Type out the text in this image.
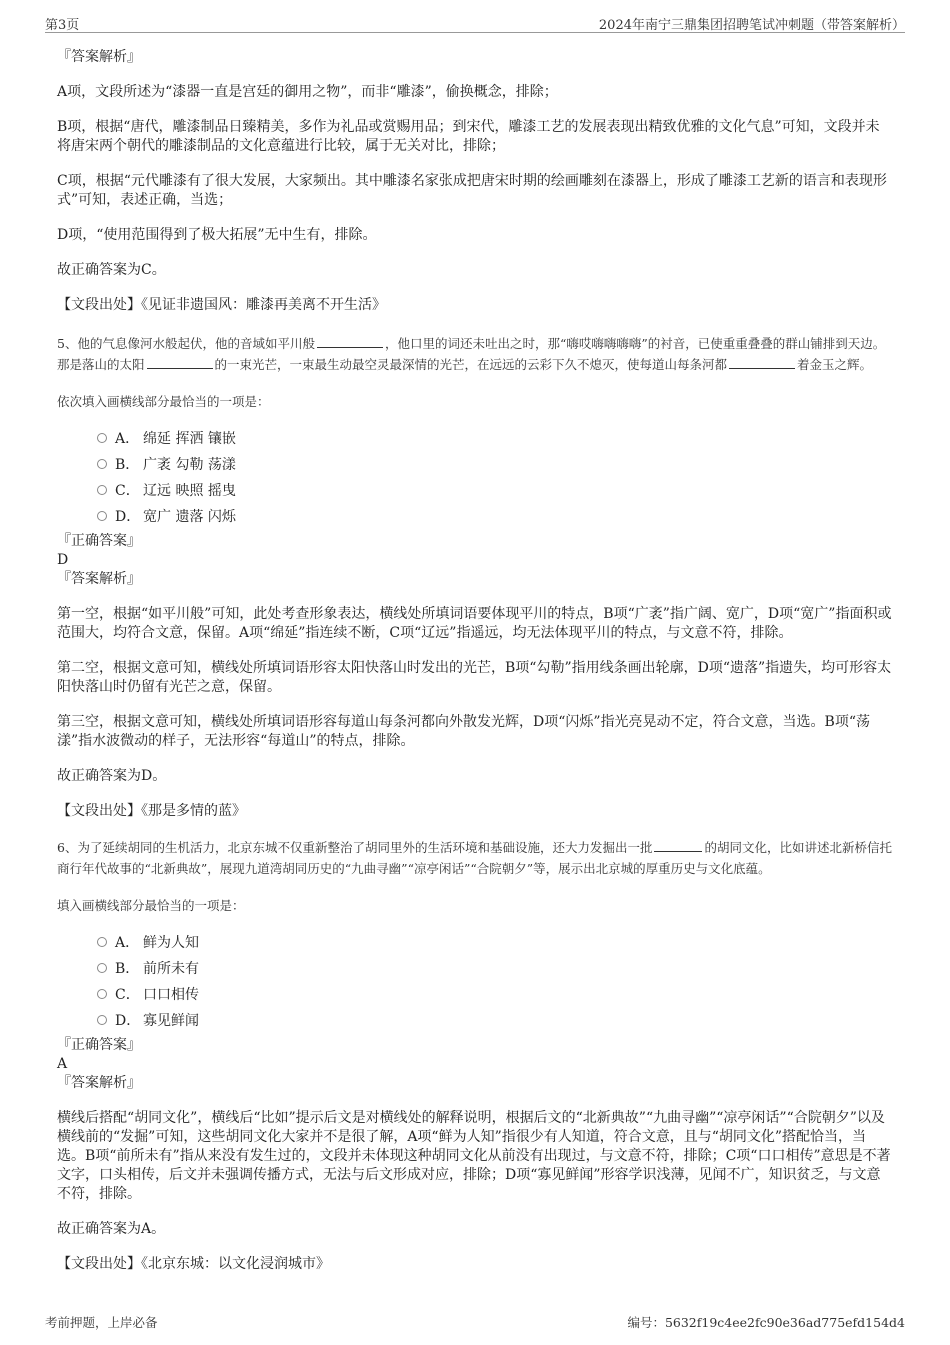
第3页	2024年南宁三鼎集团招聘笔试冲刺题（带答案解析）

『答案解析』

A项，文段所述为“漆器一直是宫廷的御用之物”，而非“雕漆”，偷换概念，排除；

B项，根据“唐代，雕漆制品日臻精美，多作为礼品或赏赐用品；到宋代，雕漆工艺的发展表现出精致优雅的文化气息”可知，文段并未将唐宋两个朝代的雕漆制品的文化意蕴进行比较，属于无关对比，排除；

C项，根据“元代雕漆有了很大发展，大家频出。其中雕漆名家张成把唐宋时期的绘画雕刻在漆器上，形成了雕漆工艺新的语言和表现形式”可知，表述正确，当选；

D项，“使用范围得到了极大拓展”无中生有，排除。

故正确答案为C。

【文段出处】《见证非遗国风：雕漆再美离不开生活》

5、他的气息像河水般起伏，他的音域如平川般	，他口里的词还未吐出之时，那“嗨哎嗨嗨嗨嗨”的衬音，已使重重叠叠的群山铺排到天边。那是落山的太阳	的一束光芒，一束最生动最空灵最深情的光芒，在远远的云彩下久不熄灭，使每道山每条河都	着金玉之辉。

依次填入画横线部分最恰当的一项是：

A． 绵延 挥洒 镶嵌
B． 广袤 勾勒 荡漾
C． 辽远 映照 摇曳
D． 宽广 遗落 闪烁

『正确答案』

D

『答案解析』

第一空，根据“如平川般”可知，此处考查形象表达，横线处所填词语要体现平川的特点，B项“广袤”指广阔、宽广，D项“宽广”指面积或范围大，均符合文意，保留。A项“绵延”指连续不断，C项“辽远”指遥远，均无法体现平川的特点，与文意不符，排除。

第二空，根据文意可知，横线处所填词语形容太阳快落山时发出的光芒，B项“勾勒”指用线条画出轮廓，D项“遗落”指遗失，均可形容太阳快落山时仍留有光芒之意，保留。

第三空，根据文意可知，横线处所填词语形容每道山每条河都向外散发光辉，D项“闪烁”指光亮晃动不定，符合文意，当选。B项“荡漾”指水波微动的样子，无法形容“每道山”的特点，排除。

故正确答案为D。

【文段出处】《那是多情的蓝》

6、为了延续胡同的生机活力，北京东城不仅重新整治了胡同里外的生活环境和基础设施，还大力发掘出一批	的胡同文化，比如讲述北新桥信托商行年代故事的“北新典故”，展现九道湾胡同历史的“九曲寻幽”“凉亭闲话”“合院朝夕”等，展示出北京城的厚重历史与文化底蕴。

填入画横线部分最恰当的一项是：

A． 鲜为人知
B． 前所未有
C． 口口相传
D． 寡见鲜闻

『正确答案』

A

『答案解析』

横线后搭配“胡同文化”，横线后“比如”提示后文是对横线处的解释说明，根据后文的“北新典故”“九曲寻幽”“凉亭闲话”“合院朝夕”以及横线前的“发掘”可知，这些胡同文化大家并不是很了解，A项“鲜为人知”指很少有人知道，符合文意，且与“胡同文化”搭配恰当，当选。B项“前所未有”指从来没有发生过的，文段并未体现这种胡同文化从前没有出现过，与文意不符，排除；C项“口口相传”意思是不著文字，口头相传，后文并未强调传播方式，无法与后文形成对应，排除；D项“寡见鲜闻”形容学识浅薄，见闻不广，知识贫乏，与文意不符，排除。

故正确答案为A。

【文段出处】《北京东城：以文化浸润城市》

考前押题，上岸必备	编号：5632f19c4ee2fc90e36ad775efd154d4
